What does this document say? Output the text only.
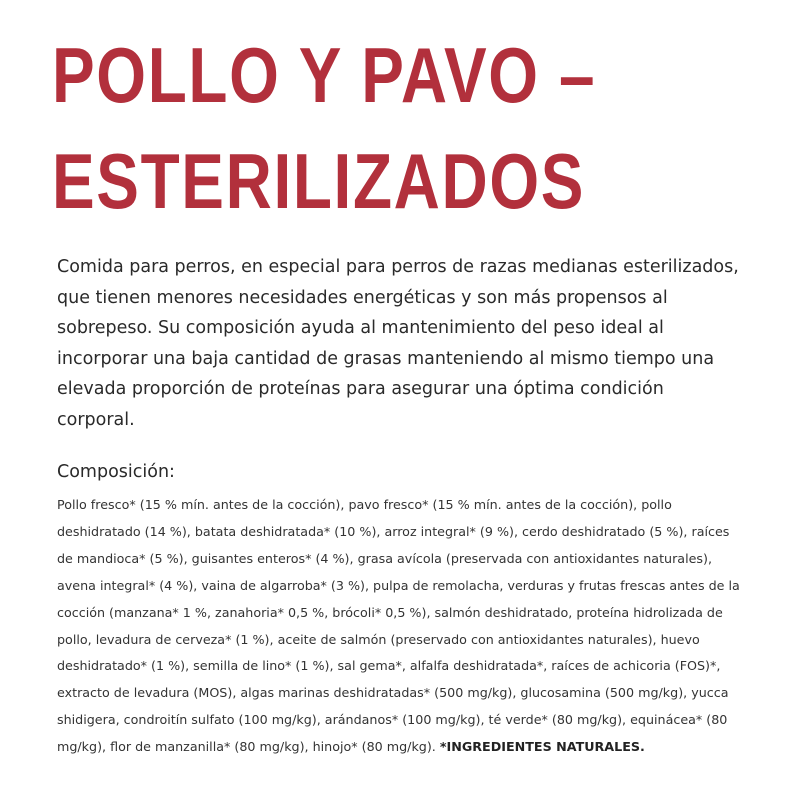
POLLO Y PAVO –
ESTERILIZADOS

Comida para perros, en especial para perros de razas medianas esterilizados, que tienen menores necesidades energéticas y son más propensos al sobrepeso. Su composición ayuda al mantenimiento del peso ideal al incorporar una baja cantidad de grasas manteniendo al mismo tiempo una elevada proporción de proteínas para asegurar una óptima condición corporal.

Composición:

Pollo fresco* (15 % mín. antes de la cocción), pavo fresco* (15 % mín. antes de la cocción), pollo deshidratado (14 %), batata deshidratada* (10 %), arroz integral* (9 %), cerdo deshidratado (5 %), raíces de mandioca* (5 %), guisantes enteros* (4 %), grasa avícola (preservada con antioxidantes naturales), avena integral* (4 %), vaina de algarroba* (3 %), pulpa de remolacha, verduras y frutas frescas antes de la cocción (manzana* 1 %, zanahoria* 0,5 %, brócoli* 0,5 %), salmón deshidratado, proteína hidrolizada de pollo, levadura de cerveza* (1 %), aceite de salmón (preservado con antioxidantes naturales), huevo deshidratado* (1 %), semilla de lino* (1 %), sal gema*, alfalfa deshidratada*, raíces de achicoria (FOS)*, extracto de levadura (MOS), algas marinas deshidratadas* (500 mg/kg), glucosamina (500 mg/kg), yucca shidigera, condroitín sulfato (100 mg/kg), arándanos* (100 mg/kg), té verde* (80 mg/kg), equinácea* (80 mg/kg), flor de manzanilla* (80 mg/kg), hinojo* (80 mg/kg). *INGREDIENTES NATURALES.
